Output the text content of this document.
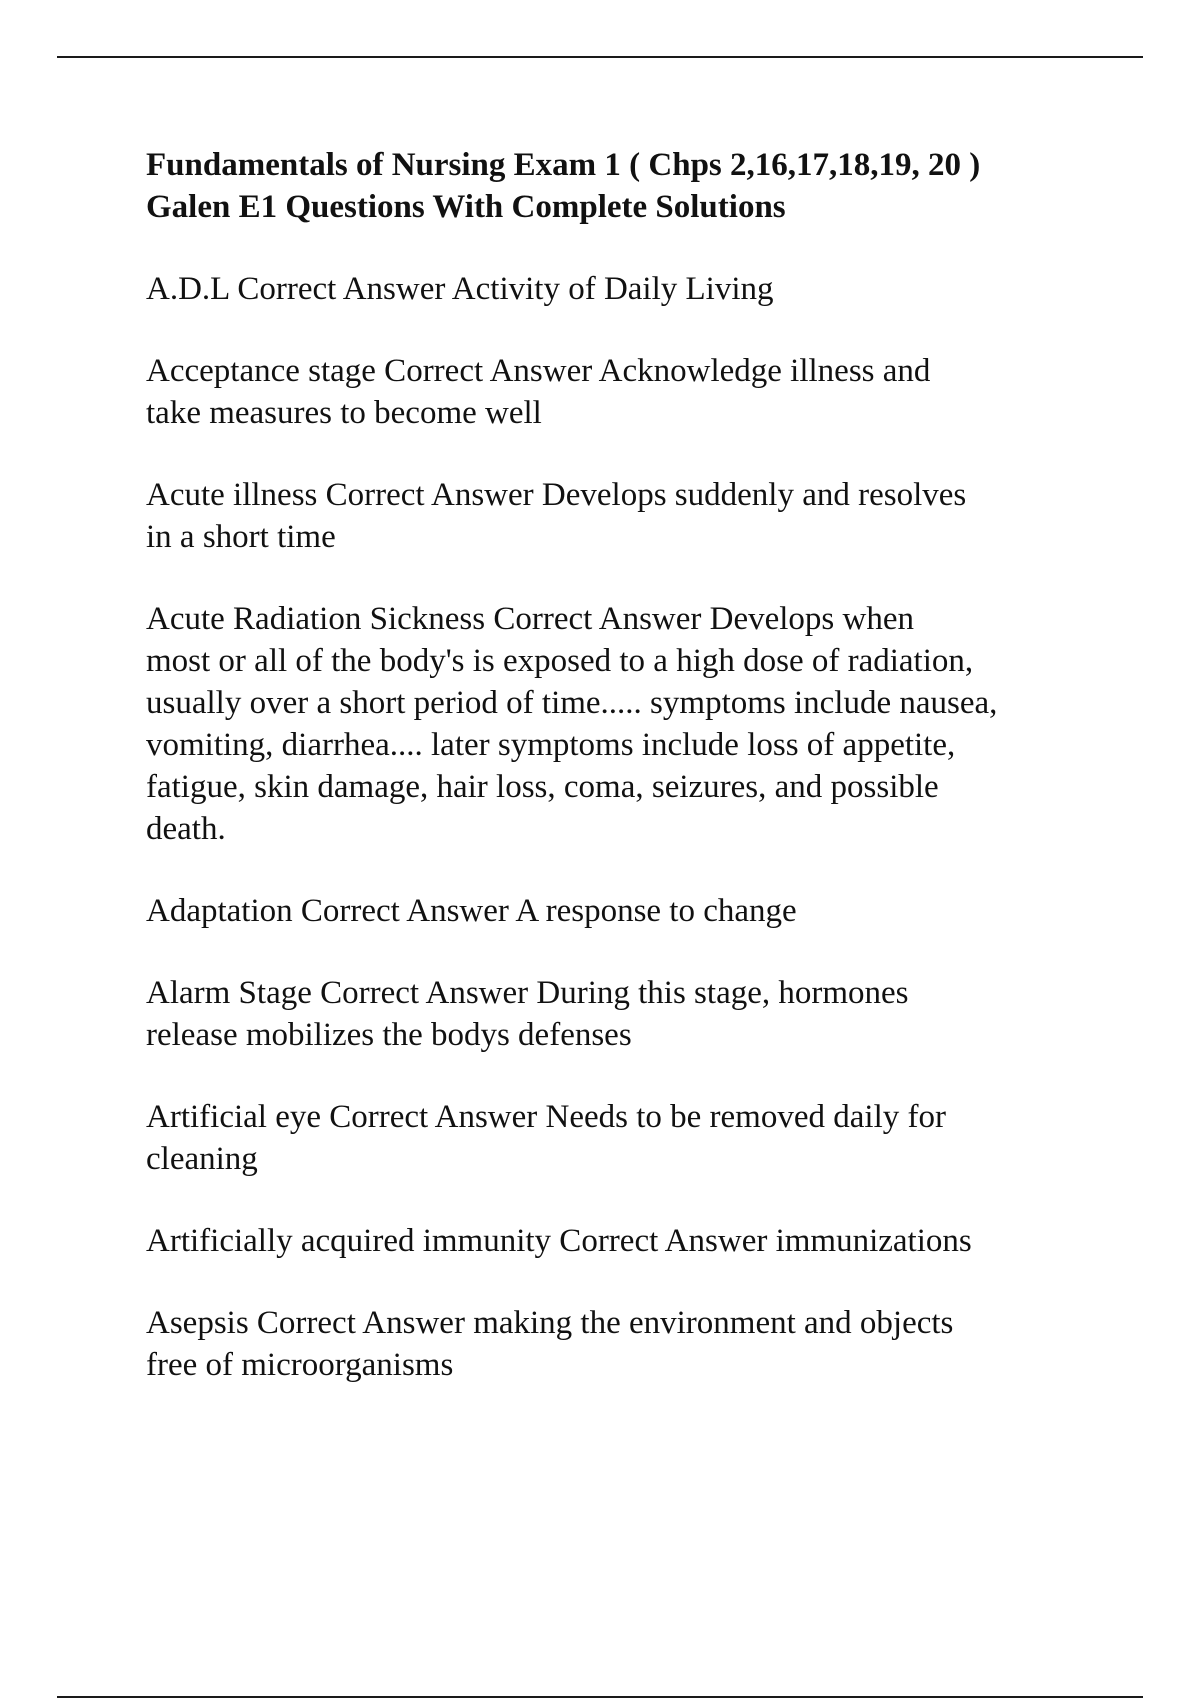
Fundamentals of Nursing Exam 1 ( Chps 2,16,17,18,19, 20 )
Galen E1 Questions With Complete Solutions
A.D.L Correct Answer Activity of Daily Living
Acceptance stage Correct Answer Acknowledge illness and
take measures to become well
Acute illness Correct Answer Develops suddenly and resolves
in a short time
Acute Radiation Sickness Correct Answer Develops when
most or all of the body's is exposed to a high dose of radiation,
usually over a short period of time..... symptoms include nausea,
vomiting, diarrhea.... later symptoms include loss of appetite,
fatigue, skin damage, hair loss, coma, seizures, and possible
death.
Adaptation Correct Answer A response to change
Alarm Stage Correct Answer During this stage, hormones
release mobilizes the bodys defenses
Artificial eye Correct Answer Needs to be removed daily for
cleaning
Artificially acquired immunity Correct Answer immunizations
Asepsis Correct Answer making the environment and objects
free of microorganisms
